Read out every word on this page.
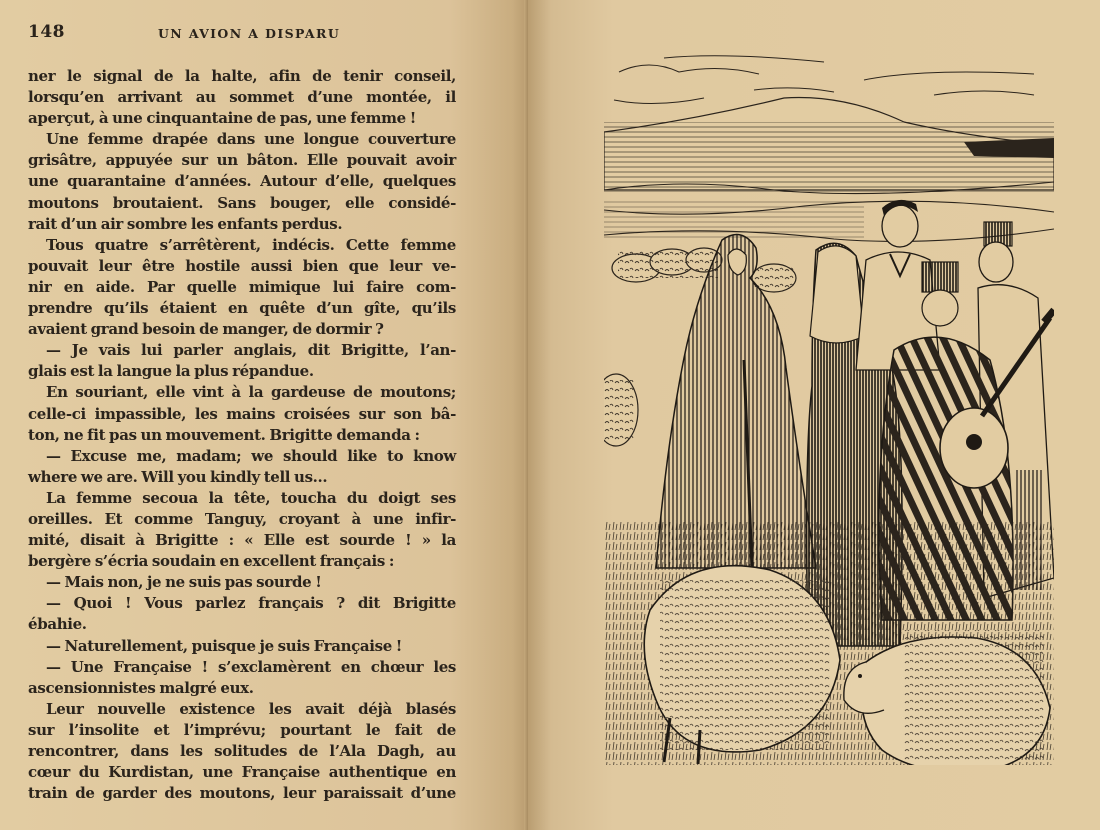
148	UN AVION A DISPARU
ner le signal de la halte, afin de tenir conseil,
lorsqu’en arrivant au sommet d’une montée, il
aperçut, à une cinquantaine de pas, une femme !
Une femme drapée dans une longue couverture
grisâtre, appuyée sur un bâton. Elle pouvait avoir
une quarantaine d’années. Autour d’elle, quelques
moutons broutaient. Sans bouger, elle considé-
rait d’un air sombre les enfants perdus.
Tous quatre s’arrêtèrent, indécis. Cette femme
pouvait leur être hostile aussi bien que leur ve-
nir en aide. Par quelle mimique lui faire com-
prendre qu’ils étaient en quête d’un gîte, qu’ils
avaient grand besoin de manger, de dormir ?
— Je vais lui parler anglais, dit Brigitte, l’an-
glais est la langue la plus répandue.
En souriant, elle vint à la gardeuse de moutons;
celle-ci impassible, les mains croisées sur son bâ-
ton, ne fit pas un mouvement. Brigitte demanda :
— Excuse me, madam; we should like to know
where we are. Will you kindly tell us...
La femme secoua la tête, toucha du doigt ses
oreilles. Et comme Tanguy, croyant à une infir-
mité, disait à Brigitte : « Elle est sourde ! » la
bergère s’écria soudain en excellent français :
— Mais non, je ne suis pas sourde !
— Quoi ! Vous parlez français ? dit Brigitte
ébahie.
— Naturellement, puisque je suis Française !
— Une Française ! s’exclamèrent en chœur les
ascensionnistes malgré eux.
Leur nouvelle existence les avait déjà blasés
sur l’insolite et l’imprévu; pourtant le fait de
rencontrer, dans les solitudes de l’Ala Dagh, au
cœur du Kurdistan, une Française authentique en
train de garder des moutons, leur paraissait d’une
